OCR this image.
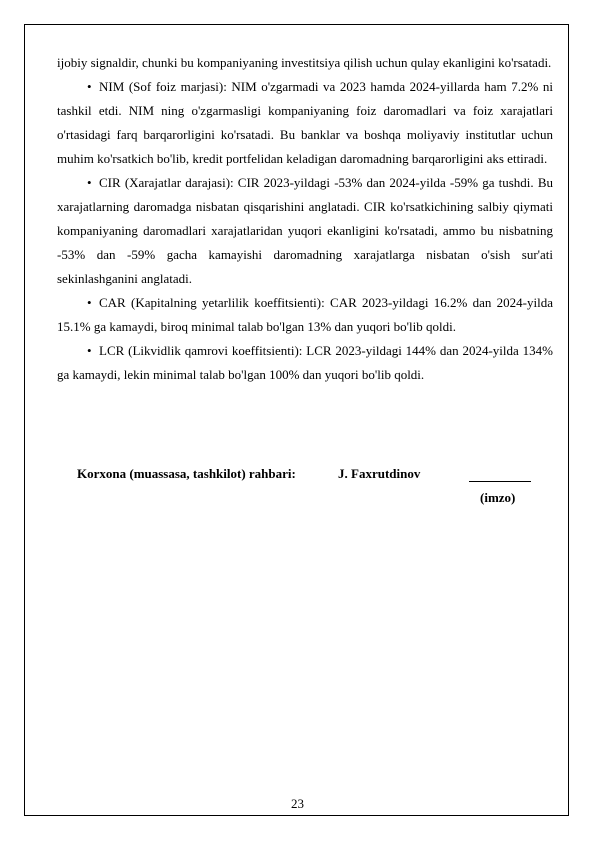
ijobiy signaldir, chunki bu kompaniyaning investitsiya qilish uchun qulay ekanligini ko'rsatadi.

• NIM (Sof foiz marjasi): NIM o'zgarmadi va 2023 hamda 2024-yillarda ham 7.2% ni tashkil etdi. NIM ning o'zgarmasligi kompaniyaning foiz daromadlari va foiz xarajatlari o'rtasidagi farq barqarorligini ko'rsatadi. Bu banklar va boshqa moliyaviy institutlar uchun muhim ko'rsatkich bo'lib, kredit portfelidan keladigan daromadning barqarorligini aks ettiradi.

• CIR (Xarajatlar darajasi): CIR 2023-yildagi -53% dan 2024-yilda -59% ga tushdi. Bu xarajatlarning daromadga nisbatan qisqarishini anglatadi. CIR ko'rsatkichining salbiy qiymati kompaniyaning daromadlari xarajatlaridan yuqori ekanligini ko'rsatadi, ammo bu nisbatning -53% dan -59% gacha kamayishi daromadning xarajatlarga nisbatan o'sish sur'ati sekinlashganini anglatadi.

• CAR (Kapitalning yetarlilik koeffitsienti): CAR 2023-yildagi 16.2% dan 2024-yilda 15.1% ga kamaydi, biroq minimal talab bo'lgan 13% dan yuqori bo'lib qoldi.

• LCR (Likvidlik qamrovi koeffitsienti): LCR 2023-yildagi 144% dan 2024-yilda 134% ga kamaydi, lekin minimal talab bo'lgan 100% dan yuqori bo'lib qoldi.

Korxona (muassasa, tashkilot) rahbari:	J. Faxrutdinov
(imzo)
23
